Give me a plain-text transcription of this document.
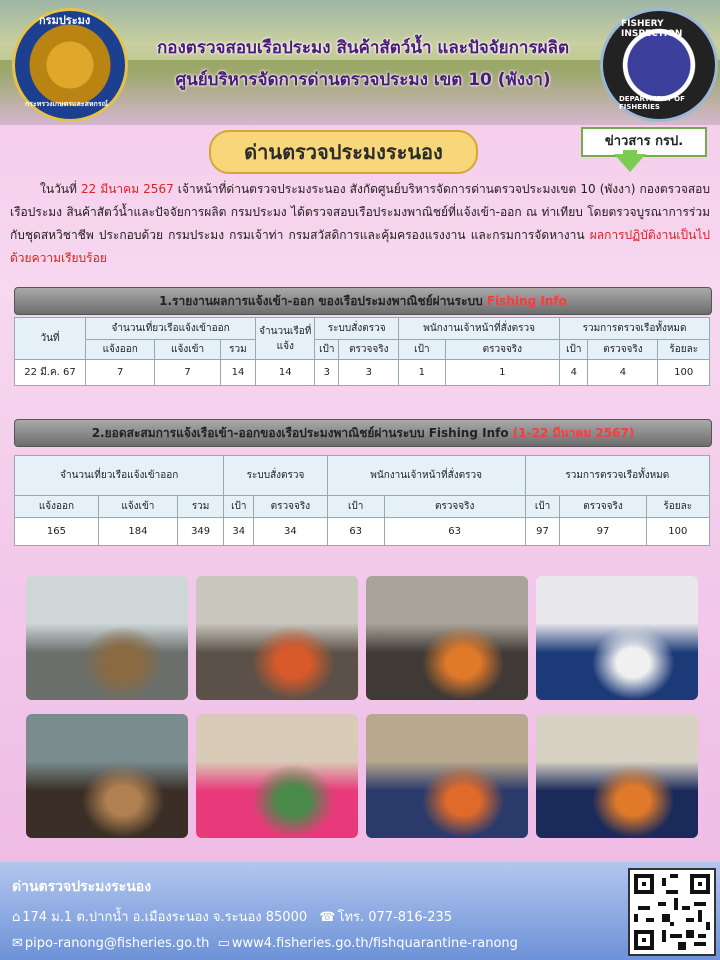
กรมประมง
กระทรวงเกษตรและสหกรณ์
กองตรวจสอบเรือประมง สินค้าสัตว์น้ำ และปัจจัยการผลิต
ศูนย์บริหารจัดการด่านตรวจประมง เขต 10 (พังงา)
FISHERY INSPECTION
DEPARTMENT OF FISHERIES
ด่านตรวจประมงระนอง	ข่าวสาร กรป.
ในวันที่ 22 มีนาคม 2567 เจ้าหน้าที่ด่านตรวจประมงระนอง สังกัดศูนย์บริหารจัดการด่านตรวจประมงเขต 10 (พังงา) กองตรวจสอบเรือประมง สินค้าสัตว์น้ำและปัจจัยการผลิต กรมประมง ได้ตรวจสอบเรือประมงพาณิชย์ที่แจ้งเข้า-ออก ณ ท่าเทียบ โดยตรวจบูรณาการร่วมกับชุดสหวิชาชีพ ประกอบด้วย กรมประมง กรมเจ้าท่า กรมสวัสดิการและคุ้มครองแรงงาน และกรมการจัดหางาน ผลการปฏิบัติงานเป็นไปด้วยความเรียบร้อย
1.รายงานผลการแจ้งเข้า-ออก ของเรือประมงพาณิชย์ผ่านระบบ Fishing Info
วันที่	จำนวนเที่ยวเรือแจ้งเข้าออก			จำนวนเรือที่แจ้ง	ระบบสั่งตรวจ		พนักงานเจ้าหน้าที่สั่งตรวจ		รวมการตรวจเรือทั้งหมด		
	แจ้งออก	แจ้งเข้า	รวม		เป้า	ตรวจจริง	เป้า	ตรวจจริง	เป้า	ตรวจจริง	ร้อยละ
22 มี.ค. 67	7	7	14	14	3	3	1	1	4	4	100
2.ยอดสะสมการแจ้งเรือเข้า-ออกของเรือประมงพาณิชย์ผ่านระบบ Fishing Info (1-22 มีนาคม 2567)
จำนวนเที่ยวเรือแจ้งเข้าออก			ระบบสั่งตรวจ		พนักงานเจ้าหน้าที่สั่งตรวจ		รวมการตรวจเรือทั้งหมด		
แจ้งออก	แจ้งเข้า	รวม	เป้า	ตรวจจริง	เป้า	ตรวจจริง	เป้า	ตรวจจริง	ร้อยละ
165	184	349	34	34	63	63	97	97	100
ด่านตรวจประมงระนอง
⌂ 174 ม.1 ต.ปากน้ำ อ.เมืองระนอง จ.ระนอง 85000 ☎ โทร. 077-816-235
✉ pipo-ranong@fisheries.go.th ▭ www4.fisheries.go.th/fishquarantine-ranong
